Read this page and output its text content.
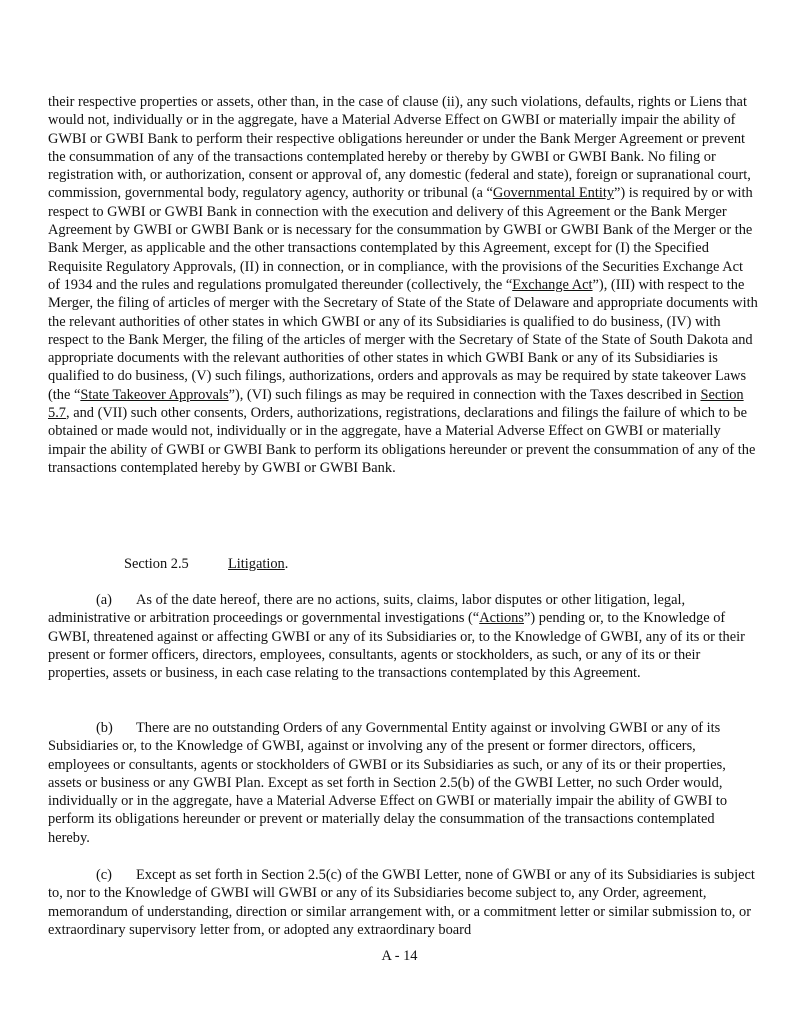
their respective properties or assets, other than, in the case of clause (ii), any such violations, defaults, rights or Liens that would not, individually or in the aggregate, have a Material Adverse Effect on GWBI or materially impair the ability of GWBI or GWBI Bank to perform their respective obligations hereunder or under the Bank Merger Agreement or prevent the consummation of any of the transactions contemplated hereby or thereby by GWBI or GWBI Bank. No filing or registration with, or authorization, consent or approval of, any domestic (federal and state), foreign or supranational court, commission, governmental body, regulatory agency, authority or tribunal (a “Governmental Entity”) is required by or with respect to GWBI or GWBI Bank in connection with the execution and delivery of this Agreement or the Bank Merger Agreement by GWBI or GWBI Bank or is necessary for the consummation by GWBI or GWBI Bank of the Merger or the Bank Merger, as applicable and the other transactions contemplated by this Agreement, except for (I) the Specified Requisite Regulatory Approvals, (II) in connection, or in compliance, with the provisions of the Securities Exchange Act of 1934 and the rules and regulations promulgated thereunder (collectively, the “Exchange Act”), (III) with respect to the Merger, the filing of articles of merger with the Secretary of State of the State of Delaware and appropriate documents with the relevant authorities of other states in which GWBI or any of its Subsidiaries is qualified to do business, (IV) with respect to the Bank Merger, the filing of the articles of merger with the Secretary of State of the State of South Dakota and appropriate documents with the relevant authorities of other states in which GWBI Bank or any of its Subsidiaries is qualified to do business, (V) such filings, authorizations, orders and approvals as may be required by state takeover Laws (the “State Takeover Approvals”), (VI) such filings as may be required in connection with the Taxes described in Section 5.7, and (VII) such other consents, Orders, authorizations, registrations, declarations and filings the failure of which to be obtained or made would not, individually or in the aggregate, have a Material Adverse Effect on GWBI or materially impair the ability of GWBI or GWBI Bank to perform its obligations hereunder or prevent the consummation of any of the transactions contemplated hereby by GWBI or GWBI Bank.

Section 2.5	Litigation.

(a) As of the date hereof, there are no actions, suits, claims, labor disputes or other litigation, legal, administrative or arbitration proceedings or governmental investigations (“Actions”) pending or, to the Knowledge of GWBI, threatened against or affecting GWBI or any of its Subsidiaries or, to the Knowledge of GWBI, any of its or their present or former officers, directors, employees, consultants, agents or stockholders, as such, or any of its or their properties, assets or business, in each case relating to the transactions contemplated by this Agreement.

(b) There are no outstanding Orders of any Governmental Entity against or involving GWBI or any of its Subsidiaries or, to the Knowledge of GWBI, against or involving any of the present or former directors, officers, employees or consultants, agents or stockholders of GWBI or its Subsidiaries as such, or any of its or their properties, assets or business or any GWBI Plan. Except as set forth in Section 2.5(b) of the GWBI Letter, no such Order would, individually or in the aggregate, have a Material Adverse Effect on GWBI or materially impair the ability of GWBI to perform its obligations hereunder or prevent or materially delay the consummation of the transactions contemplated hereby.

(c) Except as set forth in Section 2.5(c) of the GWBI Letter, none of GWBI or any of its Subsidiaries is subject to, nor to the Knowledge of GWBI will GWBI or any of its Subsidiaries become subject to, any Order, agreement, memorandum of understanding, direction or similar arrangement with, or a commitment letter or similar submission to, or extraordinary supervisory letter from, or adopted any extraordinary board

A - 14
